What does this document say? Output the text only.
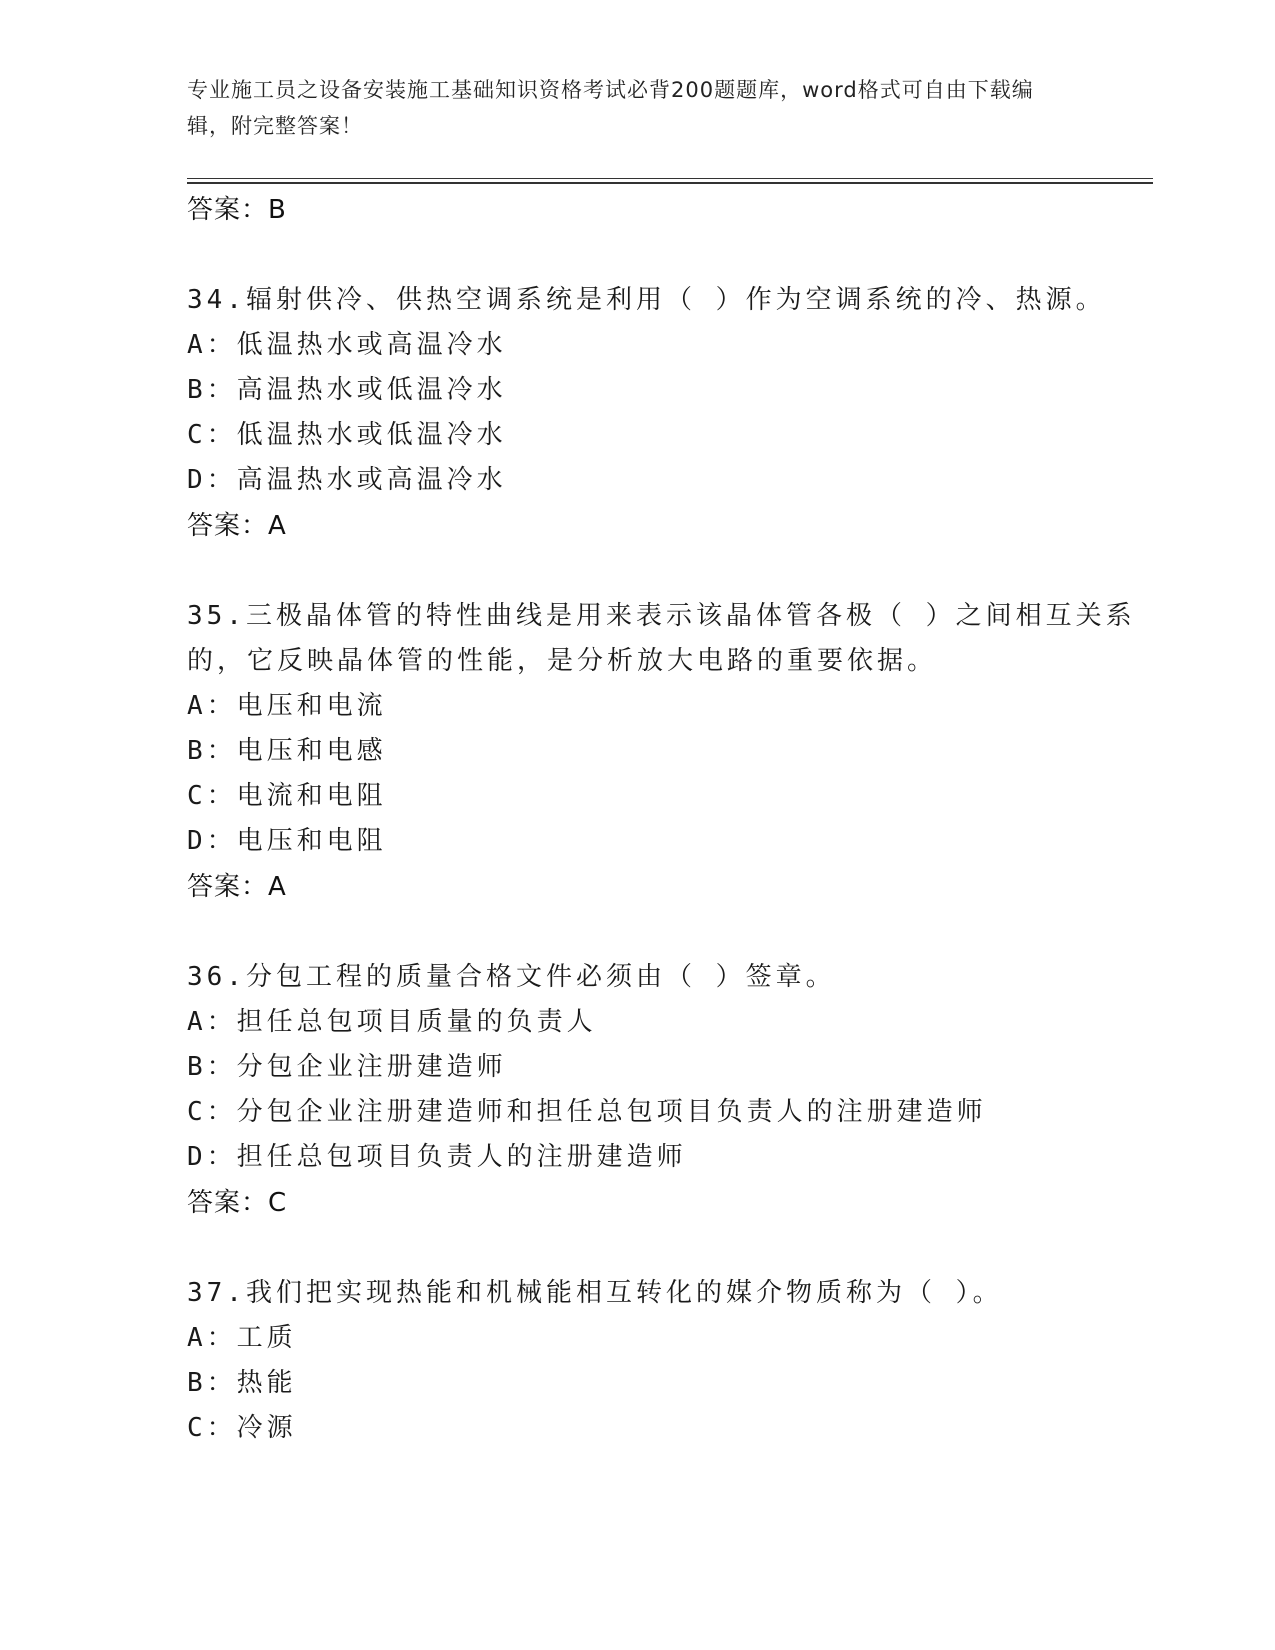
专业施工员之设备安装施工基础知识资格考试必背200题题库，word格式可自由下载编辑，附完整答案！
答案：B
34.辐射供冷、供热空调系统是利用（ ）作为空调系统的冷、热源。
A：低温热水或高温冷水
B：高温热水或低温冷水
C：低温热水或低温冷水
D：高温热水或高温冷水
答案：A
35.三极晶体管的特性曲线是用来表示该晶体管各极（ ）之间相互关系的，它反映晶体管的性能，是分析放大电路的重要依据。
A：电压和电流
B：电压和电感
C：电流和电阻
D：电压和电阻
答案：A
36.分包工程的质量合格文件必须由（ ）签章。
A：担任总包项目质量的负责人
B：分包企业注册建造师
C：分包企业注册建造师和担任总包项目负责人的注册建造师
D：担任总包项目负责人的注册建造师
答案：C
37.我们把实现热能和机械能相互转化的媒介物质称为（ ）。
A：工质
B：热能
C：冷源
